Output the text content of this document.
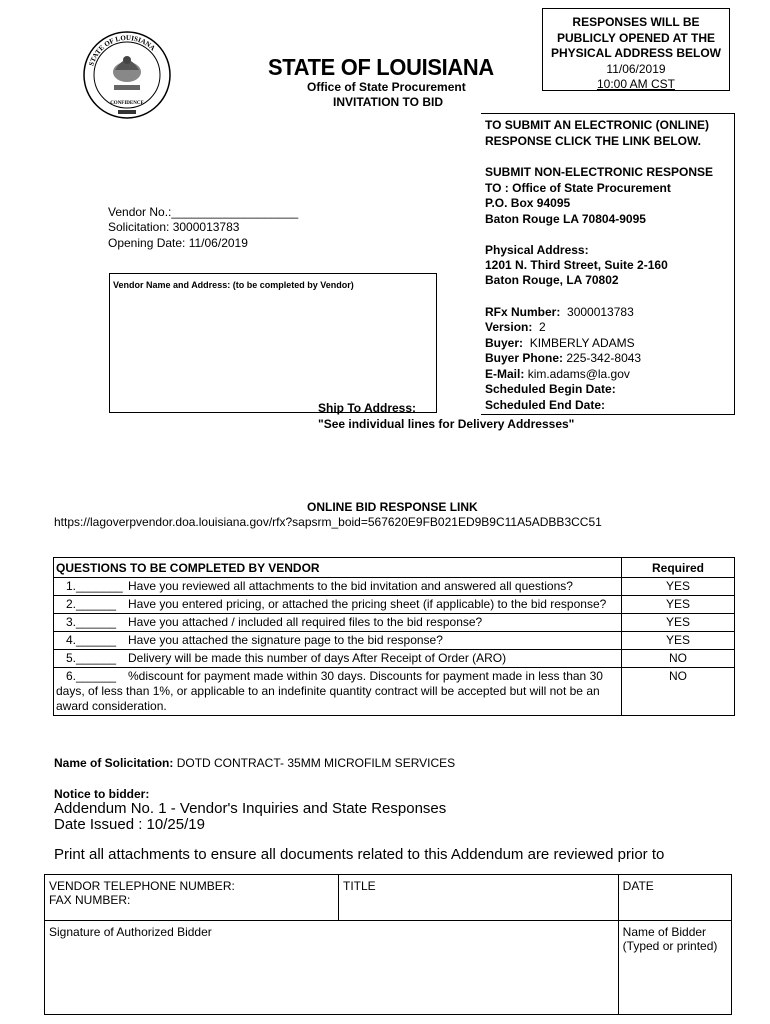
STATE OF LOUISIANA
CONFIDENCE
STATE OF LOUISIANA
Office of State Procurement
INVITATION TO BID
RESPONSES WILL BE
PUBLICLY OPENED AT THE
PHYSICAL ADDRESS BELOW
11/06/2019
10:00 AM CST
TO SUBMIT AN ELECTRONIC (ONLINE)
RESPONSE CLICK THE LINK BELOW.
SUBMIT NON-ELECTRONIC RESPONSE
TO : Office of State Procurement
P.O. Box 94095
Baton Rouge LA 70804-9095
Physical Address:
1201 N. Third Street, Suite 2-160
Baton Rouge, LA 70802
RFx Number: 3000013783
Version: 2
Buyer: KIMBERLY ADAMS
Buyer Phone: 225-342-8043
E-Mail: kim.adams@la.gov
Scheduled Begin Date:
Scheduled End Date:
Vendor No.:___________________
Solicitation: 3000013783
Opening Date: 11/06/2019
Vendor Name and Address: (to be completed by Vendor)
Ship To Address:
"See individual lines for Delivery Addresses"
ONLINE BID RESPONSE LINK
https://lagoverpvendor.doa.louisiana.gov/rfx?sapsrm_boid=567620E9FB021ED9B9C11A5ADBB3CC51
QUESTIONS TO BE COMPLETED BY VENDOR	Required
1._______ Have you reviewed all attachments to the bid invitation and answered all questions?	YES
2.______ Have you entered pricing, or attached the pricing sheet (if applicable) to the bid response?	YES
3.______ Have you attached / included all required files to the bid response?	YES
4.______ Have you attached the signature page to the bid response?	YES
5.______ Delivery will be made this number of days After Receipt of Order (ARO)	NO
6.______ %discount for payment made within 30 days. Discounts for payment made in less than 30 days, of less than 1%, or applicable to an indefinite quantity contract will be accepted but will not be an award consideration.	NO
Name of Solicitation: DOTD CONTRACT- 35MM MICROFILM SERVICES
Notice to bidder:
Addendum No. 1 - Vendor's Inquiries and State Responses
Date Issued : 10/25/19
Print all attachments to ensure all documents related to this Addendum are reviewed prior to
VENDOR TELEPHONE NUMBER:
FAX NUMBER:	TITLE	DATE

Signature of Authorized Bidder		Name of Bidder
(Typed or printed)
